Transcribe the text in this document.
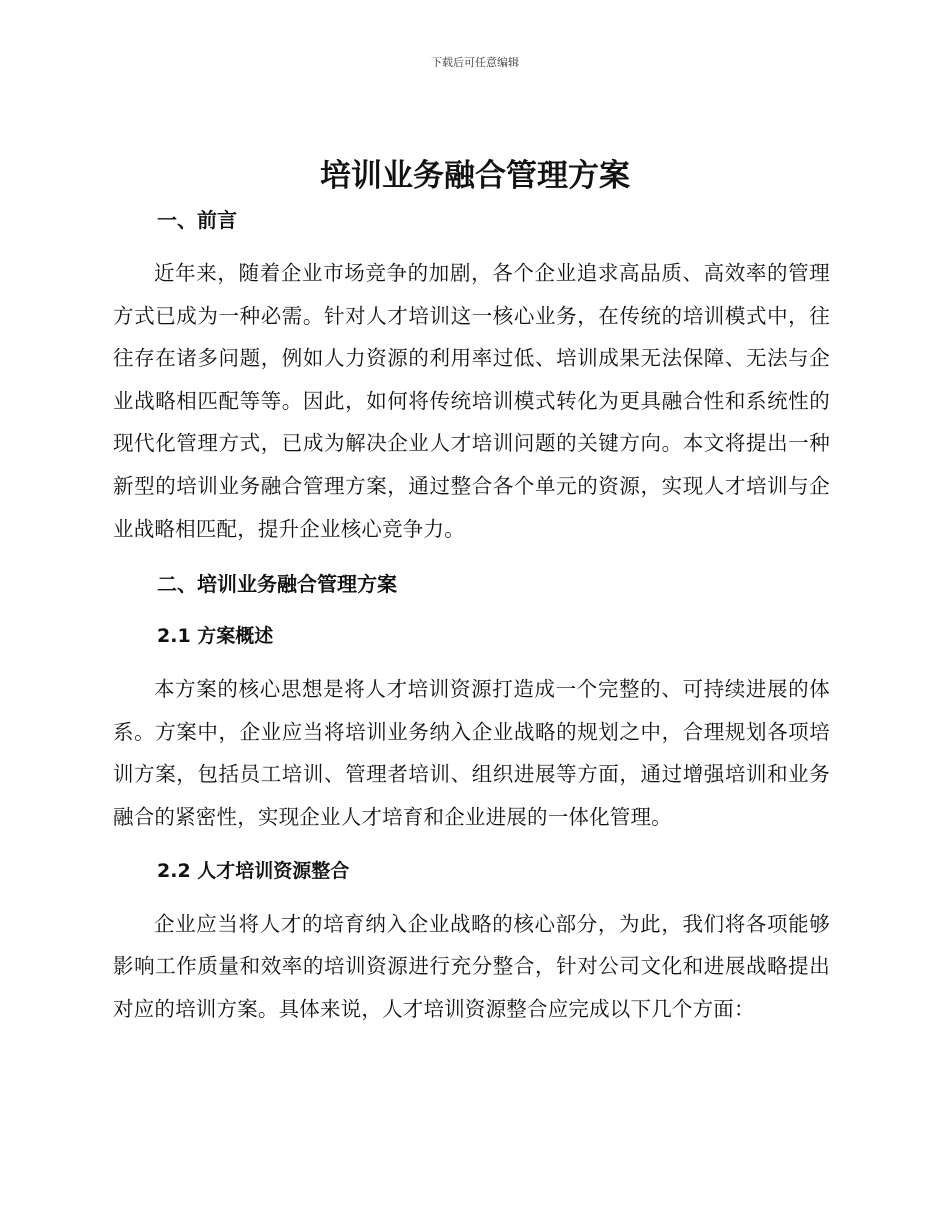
下载后可任意编辑
培训业务融合管理方案
一、前言

近年来，随着企业市场竞争的加剧，各个企业追求高品质、高效率的管理方式已成为一种必需。针对人才培训这一核心业务，在传统的培训模式中，往往存在诸多问题，例如人力资源的利用率过低、培训成果无法保障、无法与企业战略相匹配等等。因此，如何将传统培训模式转化为更具融合性和系统性的现代化管理方式，已成为解决企业人才培训问题的关键方向。本文将提出一种新型的培训业务融合管理方案，通过整合各个单元的资源，实现人才培训与企业战略相匹配，提升企业核心竞争力。

二、培训业务融合管理方案
2.1 方案概述

本方案的核心思想是将人才培训资源打造成一个完整的、可持续进展的体系。方案中，企业应当将培训业务纳入企业战略的规划之中，合理规划各项培训方案，包括员工培训、管理者培训、组织进展等方面，通过增强培训和业务融合的紧密性，实现企业人才培育和企业进展的一体化管理。

2.2 人才培训资源整合

企业应当将人才的培育纳入企业战略的核心部分，为此，我们将各项能够影响工作质量和效率的培训资源进行充分整合，针对公司文化和进展战略提出对应的培训方案。具体来说，人才培训资源整合应完成以下几个方面：
